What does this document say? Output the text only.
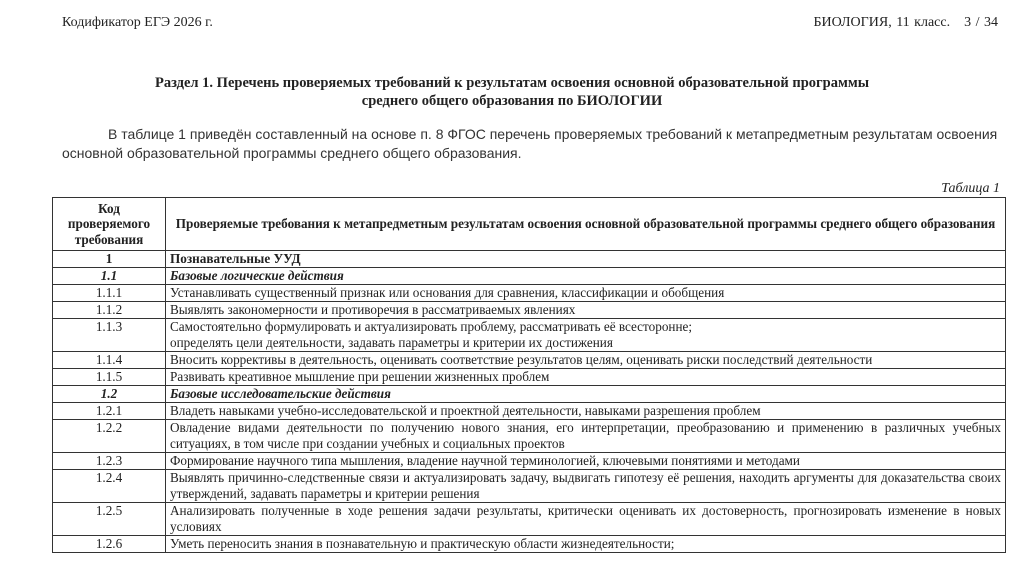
Кодификатор ЕГЭ 2026 г.	БИОЛОГИЯ, 11 класс. 3 / 34
Раздел 1. Перечень проверяемых требований к результатам освоения основной образовательной программы
среднего общего образования по БИОЛОГИИ
В таблице 1 приведён составленный на основе п. 8 ФГОС перечень проверяемых требований к метапредметным результатам освоения основной образовательной программы среднего общего образования.
Таблица 1
Код проверяемого требования	Проверяемые требования к метапредметным результатам освоения основной образовательной программы среднего общего образования
1	Познавательные УУД
1.1	Базовые логические действия
1.1.1	Устанавливать существенный признак или основания для сравнения, классификации и обобщения
1.1.2	Выявлять закономерности и противоречия в рассматриваемых явлениях
1.1.3	Самостоятельно формулировать и актуализировать проблему, рассматривать её всесторонне;
определять цели деятельности, задавать параметры и критерии их достижения

1.1.4	Вносить коррективы в деятельность, оценивать соответствие результатов целям, оценивать риски последствий деятельности
1.1.5	Развивать креативное мышление при решении жизненных проблем
1.2	Базовые исследовательские действия
1.2.1	Владеть навыками учебно-исследовательской и проектной деятельности, навыками разрешения проблем
1.2.2	Овладение видами деятельности по получению нового знания, его интерпретации, преобразованию и применению в различных учебных ситуациях, в том числе при создании учебных и социальных проектов
1.2.3	Формирование научного типа мышления, владение научной терминологией, ключевыми понятиями и методами
1.2.4	Выявлять причинно-следственные связи и актуализировать задачу, выдвигать гипотезу её решения, находить аргументы для доказательства своих утверждений, задавать параметры и критерии решения
1.2.5	Анализировать полученные в ходе решения задачи результаты, критически оценивать их достоверность, прогнозировать изменение в новых условиях
1.2.6	Уметь переносить знания в познавательную и практическую области жизнедеятельности;
